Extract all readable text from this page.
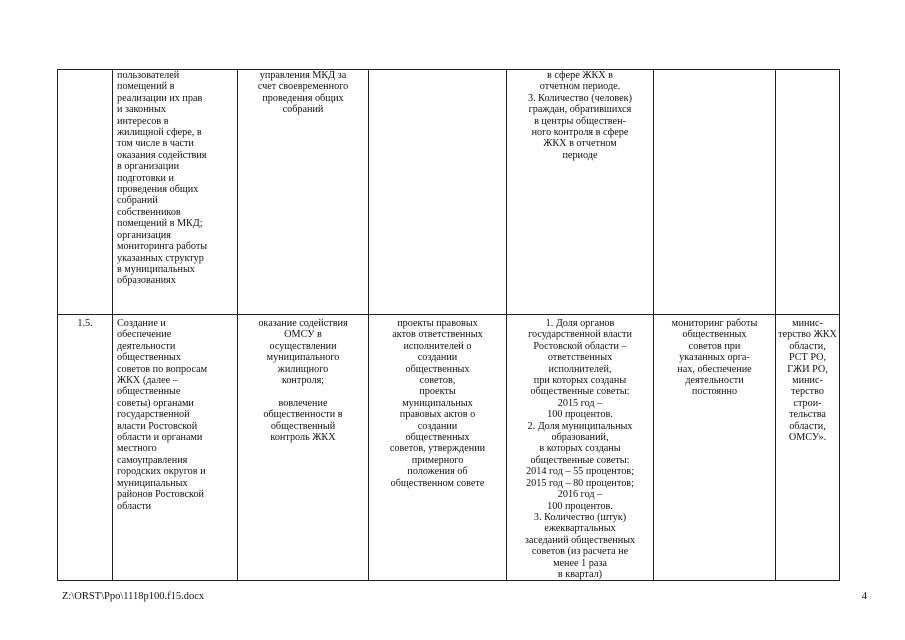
пользователей
помещений в
реализации их прав
и законных
интересов в
жилищной сфере, в
том числе в части
оказания содействия
в организации
подготовки и
проведения общих
собраний
собственников
помещений в МКД;
организация
мониторинга работы
указанных структур
в муниципальных
образованиях
управления МКД за
счет своевременного
проведения общих
собраний
в сфере ЖКХ в
отчетном периоде.
3. Количество (человек)
граждан, обратившихся
в центры обществен-
ного контроля в сфере
ЖКХ в отчетном
периоде
1.5.	Создание и
обеспечение
деятельности
общественных
советов по вопросам
ЖКХ (далее –
общественные
советы) органами
государственной
власти Ростовской
области и органами
местного
самоуправления
городских округов и
муниципальных
районов Ростовской
области
оказание содействия
ОМСУ в
осуществлении
муниципального
жилищного
контроля;

вовлечение
общественности в
общественный
контроль ЖКХ
проекты правовых
актов ответственных
исполнителей о
создании
общественных
советов,
проекты
муниципальных
правовых актов о
создании
общественных
советов, утверждении
примерного
положения об
общественном совете
1. Доля органов
государственной власти
Ростовской области –
ответственных
исполнителей,
при которых созданы
общественные советы:
2015 год –
100 процентов.
2. Доля муниципальных
образований,
в которых созданы
общественные советы:
2014 год – 55 процентов;
2015 год – 80 процентов;
2016 год –
100 процентов.
3. Количество (штук)
ежеквартальных
заседаний общественных
советов (из расчета не
менее 1 раза
в квартал)
мониторинг работы
общественных
советов при
указанных орга-
нах, обеспечение
деятельности
постоянно
минис-
терство ЖКХ
области,
РСТ РО,
ГЖИ РО,
минис-
терство
строи-
тельства
области,
ОМСУ».
Z:\ORST\Ppo\1118p100.f15.docx	4
